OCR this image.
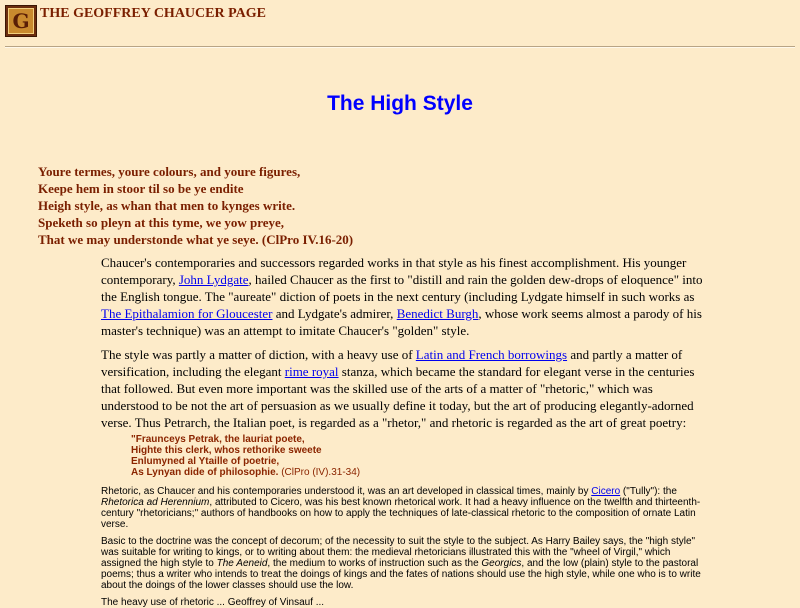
G THE GEOFFREY CHAUCER PAGE
The High Style
Youre termes, youre colours, and youre figures,
Keepe hem in stoor til so be ye endite
Heigh style, as whan that men to kynges write.
Speketh so pleyn at this tyme, we yow preye,
That we may understonde what ye seye. (ClPro IV.16-20)
Chaucer's contemporaries and successors regarded works in that style as his finest accomplishment. His younger contemporary, John Lydgate, hailed Chaucer as the first to "distill and rain the golden dew-drops of eloquence" into the English tongue. The "aureate" diction of poets in the next century (including Lydgate himself in such works as The Epithalamion for Gloucester and Lydgate's admirer, Benedict Burgh, whose work seems almost a parody of his master's technique) was an attempt to imitate Chaucer's "golden" style.
The style was partly a matter of diction, with a heavy use of Latin and French borrowings and partly a matter of versification, including the elegant rime royal stanza, which became the standard for elegant verse in the centuries that followed. But even more important was the skilled use of the arts of a matter of "rhetoric," which was understood to be not the art of persuasion as we usually define it today, but the art of producing elegantly-adorned verse. Thus Petrarch, the Italian poet, is regarded as a "rhetor," and rhetoric is regarded as the art of great poetry:
"Fraunceys Petrak, the lauriat poete,
Highte this clerk, whos rethorike sweete
Enlumyned al Ytaille of poetrie,
As Lynyan dide of philosophie. (ClPro (IV).31-34)
Rhetoric, as Chaucer and his contemporaries understood it, was an art developed in classical times, mainly by Cicero ("Tully"): the Rhetorica ad Herennium, attributed to Cicero, was his best known rhetorical work. It had a heavy influence on the twelfth and thirteenth-century "rhetoricians;" authors of handbooks on how to apply the techniques of late-classical rhetoric to the composition of ornate Latin verse.
Basic to the doctrine was the concept of decorum; of the necessity to suit the style to the subject. As Harry Bailey says, the "high style" was suitable for writing to kings, or to writing about them: the medieval rhetoricians illustrated this with the "wheel of Virgil," which assigned the high style to The Aeneid, the medium to works of instruction such as the Georgics, and the low (plain) style to the pastoral poems; thus a writer who intends to treat the doings of kings and the fates of nations should use the high style, while one who is to write about the doings of the lower classes should use the low.
The heavy use of rhetoric ... Geoffrey of Vinsauf ...
